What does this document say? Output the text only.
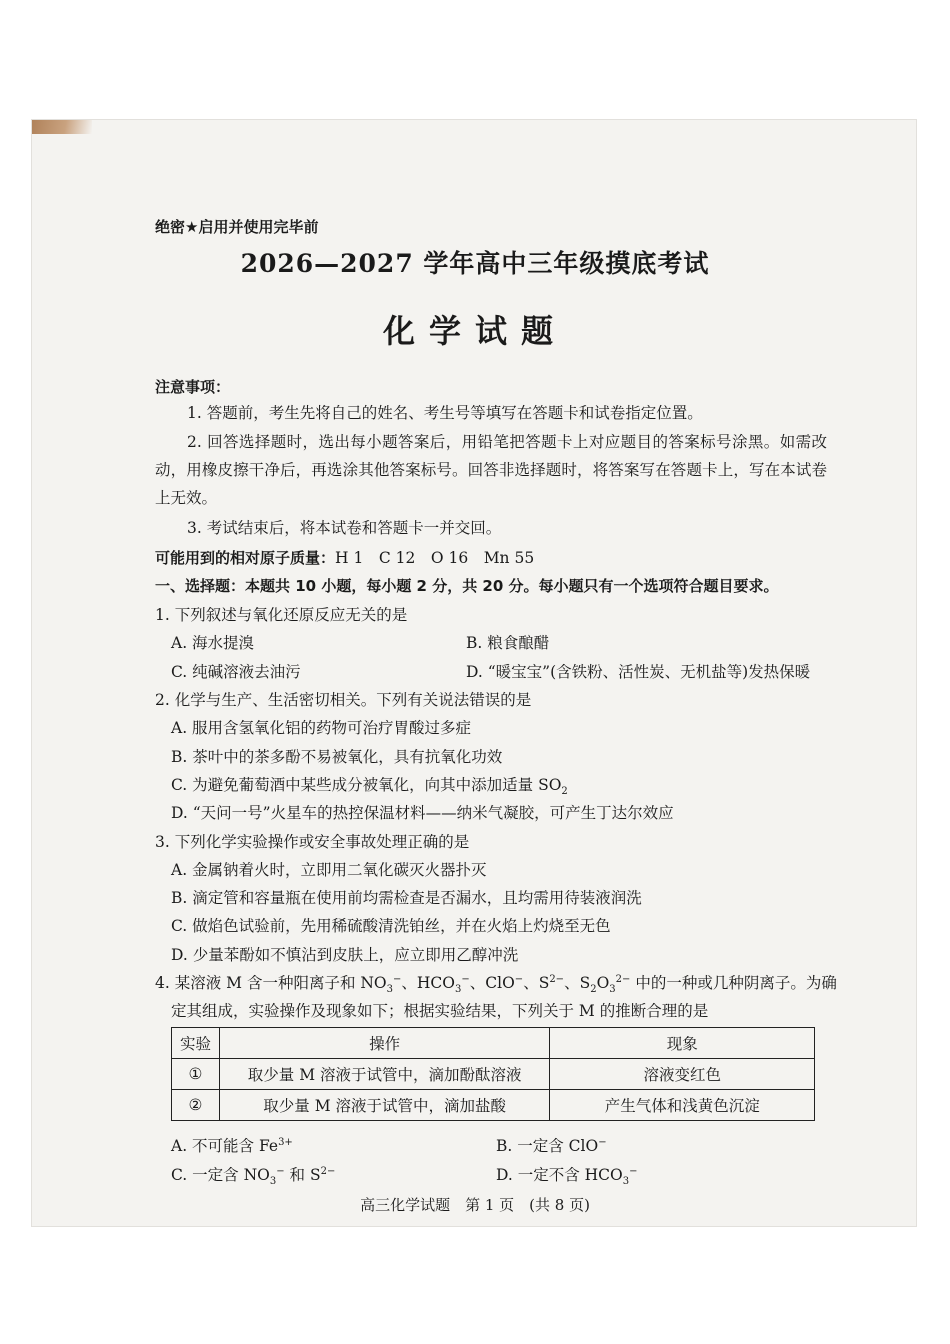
绝密★启用并使用完毕前
2026—2027 学年高中三年级摸底考试
化学试题
注意事项：
1. 答题前，考生先将自己的姓名、考生号等填写在答题卡和试卷指定位置。
2. 回答选择题时，选出每小题答案后，用铅笔把答题卡上对应题目的答案标号涂黑。如需改动，用橡皮擦干净后，再选涂其他答案标号。回答非选择题时，将答案写在答题卡上，写在本试卷上无效。
3. 考试结束后，将本试卷和答题卡一并交回。
可能用到的相对原子质量：H 1　C 12　O 16　Mn 55
一、选择题：本题共 10 小题，每小题 2 分，共 20 分。每小题只有一个选项符合题目要求。
1. 下列叙述与氧化还原反应无关的是
A. 海水提溴	B. 粮食酿醋
C. 纯碱溶液去油污	D. “暖宝宝”(含铁粉、活性炭、无机盐等)发热保暖
2. 化学与生产、生活密切相关。下列有关说法错误的是
A. 服用含氢氧化铝的药物可治疗胃酸过多症
B. 茶叶中的茶多酚不易被氧化，具有抗氧化功效
C. 为避免葡萄酒中某些成分被氧化，向其中添加适量 $SO_2$
D. “天问一号”火星车的热控保温材料——纳米气凝胶，可产生丁达尔效应
3. 下列化学实验操作或安全事故处理正确的是
A. 金属钠着火时，立即用二氧化碳灭火器扑灭
B. 滴定管和容量瓶在使用前均需检查是否漏水，且均需用待装液润洗
C. 做焰色试验前，先用稀硫酸清洗铂丝，并在火焰上灼烧至无色
D. 少量苯酚如不慎沾到皮肤上，应立即用乙醇冲洗
4. 某溶液 M 含一种阳离子和 $NO_3^-$、$HCO_3^-$、ClO−、$S^{2-}$、$S_2O_3^{2-}$ 中的一种或几种阴离子。为确
定其组成，实验操作及现象如下；根据实验结果，下列关于 M 的推断合理的是
实验	操作	现象
①	取少量 M 溶液于试管中，滴加酚酞溶液	溶液变红色
②	取少量 M 溶液于试管中，滴加盐酸	产生气体和浅黄色沉淀
A. 不可能含 $Fe^{3+}$	B. 一定含 ClO−
C. 一定含 $NO_3^-$ 和 $S^{2-}$	D. 一定不含 $HCO_3^-$
高三化学试题　第 1 页　(共 8 页)
